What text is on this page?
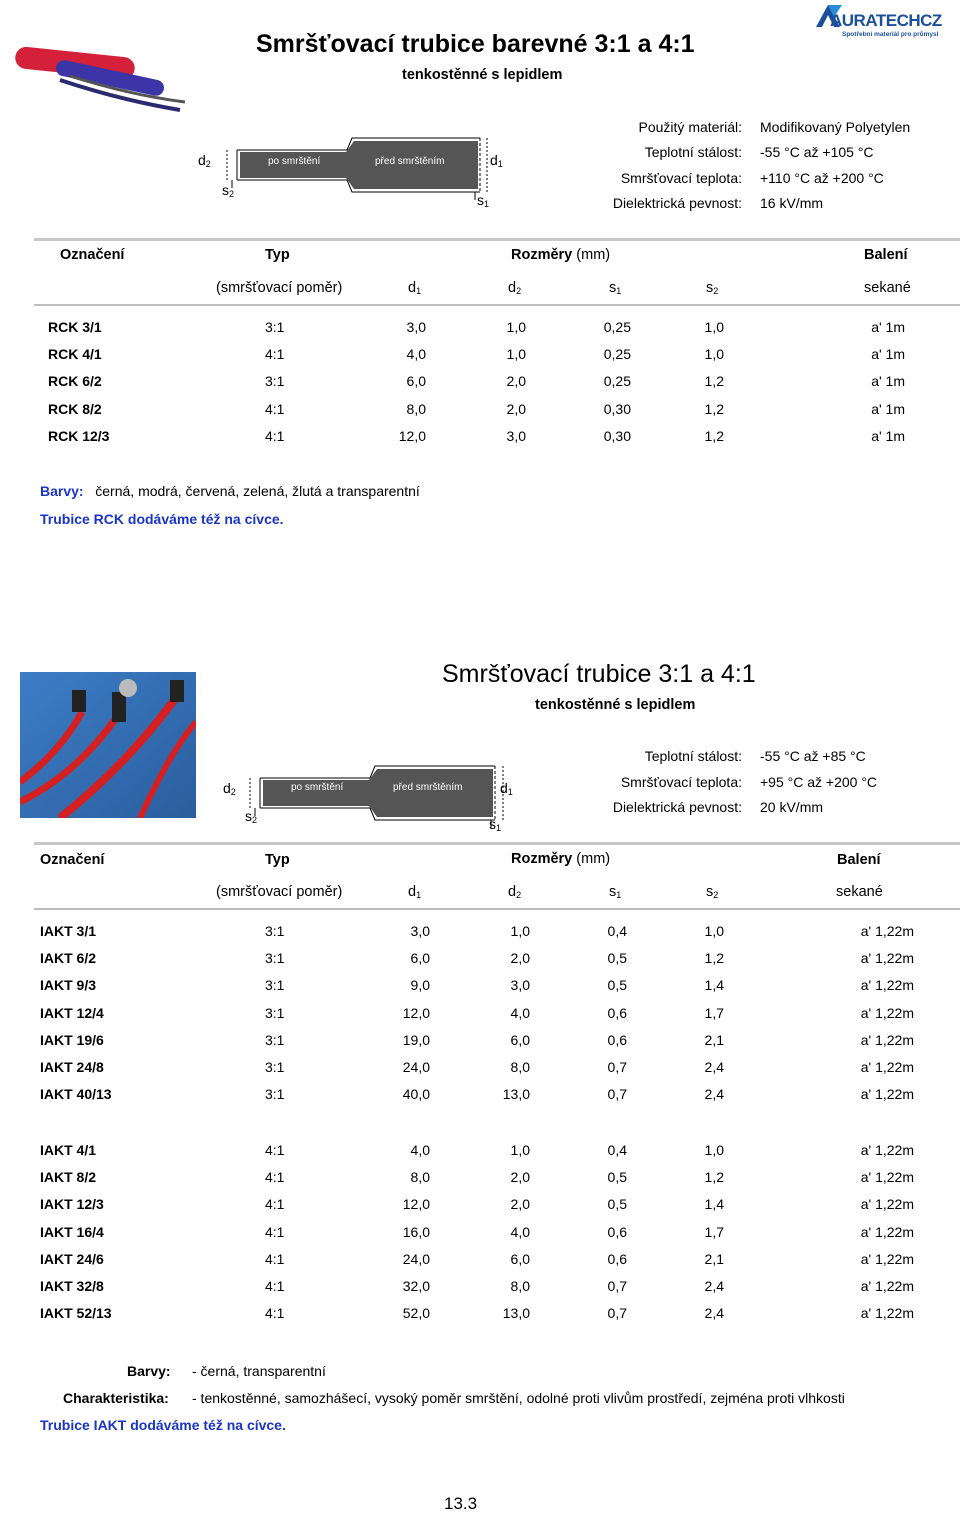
AURATECHCZ
Spotřební materiál pro průmysl
Smršťovací trubice barevné 3:1 a 4:1
tenkostěnné s lepidlem
$d_2$
$s_2$
$d_1$
$s_1$
po smrštění	před smrštěním
Použitý materiál: Modifikovaný Polyetylen
Teplotní stálost: -55 °C až +105 °C
Smršťovací teplota: +110 °C až +200 °C
Dielektrická pevnost: 16 kV/mm
Označení	Typ	Rozměry (mm)	Balení
(smršťovací poměr)	$d_1$	$d_2$	$s_1$	$s_2$	sekané
RCK 3/1	3:1	3,0	1,0	0,25	1,0	a' 1m
RCK 4/1	4:1	4,0	1,0	0,25	1,0	a' 1m
RCK 6/2	3:1	6,0	2,0	0,25	1,2	a' 1m
RCK 8/2	4:1	8,0	2,0	0,30	1,2	a' 1m
RCK 12/3	4:1	12,0	3,0	0,30	1,2	a' 1m
Barvy: černá, modrá, červená, zelená, žlutá a transparentní
Trubice RCK dodáváme též na cívce.
Smršťovací trubice 3:1 a 4:1
tenkostěnné s lepidlem
$d_2$
$s_2$
$d_1$
$s_1$
po smrštění	před smrštěním
Teplotní stálost: -55 °C až +85 °C
Smršťovací teplota: +95 °C až +200 °C
Dielektrická pevnost: 20 kV/mm
Označení	Typ	Rozměry (mm)	Balení
(smršťovací poměr)	$d_1$	$d_2$	$s_1$	$s_2$	sekané
IAKT 3/1	3:1	3,0	1,0	0,4	1,0	a' 1,22m
IAKT 6/2	3:1	6,0	2,0	0,5	1,2	a' 1,22m
IAKT 9/3	3:1	9,0	3,0	0,5	1,4	a' 1,22m
IAKT 12/4	3:1	12,0	4,0	0,6	1,7	a' 1,22m
IAKT 19/6	3:1	19,0	6,0	0,6	2,1	a' 1,22m
IAKT 24/8	3:1	24,0	8,0	0,7	2,4	a' 1,22m
IAKT 40/13	3:1	40,0	13,0	0,7	2,4	a' 1,22m
IAKT 4/1	4:1	4,0	1,0	0,4	1,0	a' 1,22m
IAKT 8/2	4:1	8,0	2,0	0,5	1,2	a' 1,22m
IAKT 12/3	4:1	12,0	2,0	0,5	1,4	a' 1,22m
IAKT 16/4	4:1	16,0	4,0	0,6	1,7	a' 1,22m
IAKT 24/6	4:1	24,0	6,0	0,6	2,1	a' 1,22m
IAKT 32/8	4:1	32,0	8,0	0,7	2,4	a' 1,22m
IAKT 52/13	4:1	52,0	13,0	0,7	2,4	a' 1,22m
Barvy: - černá, transparentní
Charakteristika: - tenkostěnné, samozhášecí, vysoký poměr smrštění, odolné proti vlivům prostředí, zejména proti vlhkosti
Trubice IAKT dodáváme též na cívce.
13.3
